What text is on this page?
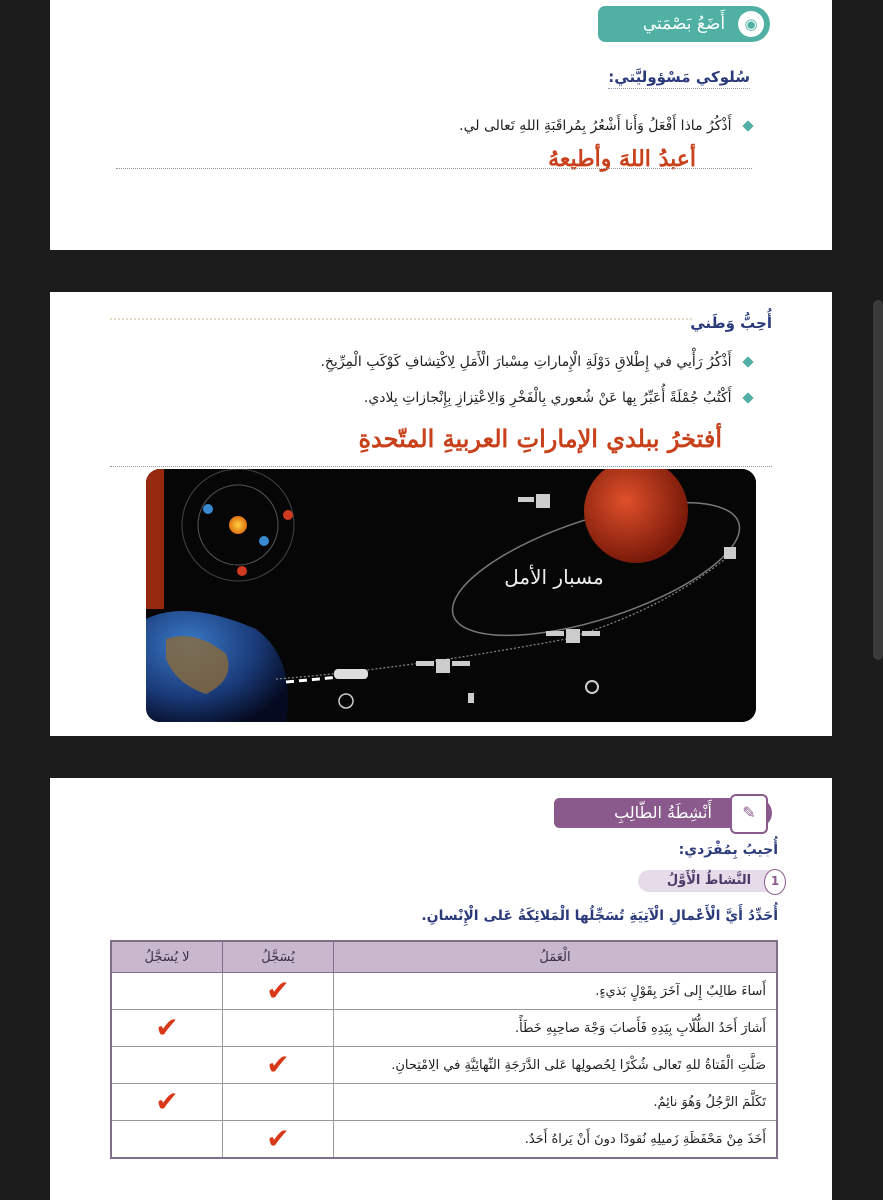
◉
أَضَعُ بَصْمَتي
سُلوكي مَسْؤوليَّتي:
أَذْكُرُ ماذا أَفْعَلُ وَأَنا أَشْعُرُ بِمُراقَبَةِ اللهِ تَعالى لي.
أعبدُ اللهَ وأطيعهُ
أُحِبُّ وَطَني
أَذْكُرُ رَأْيي في إِطْلاقِ دَوْلَةِ الْإِماراتِ مِسْبارَ الْأَمَلِ لِاكْتِشافِ كَوْكَبِ الْمِرِّيخِ.
أَكْتُبُ جُمْلَةً أُعَبِّرُ بِها عَنْ شُعوري بِالْفَخْرِ وَالِاعْتِزازِ بِإِنْجازاتِ بِلادي.
أفتخرُ ببلدي الإماراتِ العربيةِ المتّحدةِ
مسبار الأمل
✎
أَنْشِطَةُ الطّالِبِ
أُجيبُ بِمُفْرَدي:
1
النَّشاطُ الْأَوَّلُ
أُحَدِّدُ أَيَّ الْأَعْمالِ الْآتِيَةِ تُسَجِّلُها الْمَلائِكَةُ عَلى الْإِنْسانِ.
الْعَمَلُ	يُسَجَّلُ	لا يُسَجَّلُ
أَساءَ طالِبٌ إِلى آخَرَ بِقَوْلٍ بَذيءٍ.	✔	
أَشارَ أَحَدُ الطُّلّابِ بِيَدِهِ فَأَصابَ وَجْهَ صاحِبِهِ خَطَأً.		✔
صَلَّتِ الْفَتاةُ للهِ تَعالى شُكْرًا لِحُصولِها عَلى الدَّرَجَةِ النِّهائِيَّةِ في الِامْتِحانِ.	✔	
تَكَلَّمَ الرَّجُلُ وَهُوَ نائِمٌ.		✔
أَخَذَ مِنْ مَحْفَظَةِ زَميلِهِ نُقودًا دونَ أَنْ يَراهُ أَحَدٌ.	✔	
